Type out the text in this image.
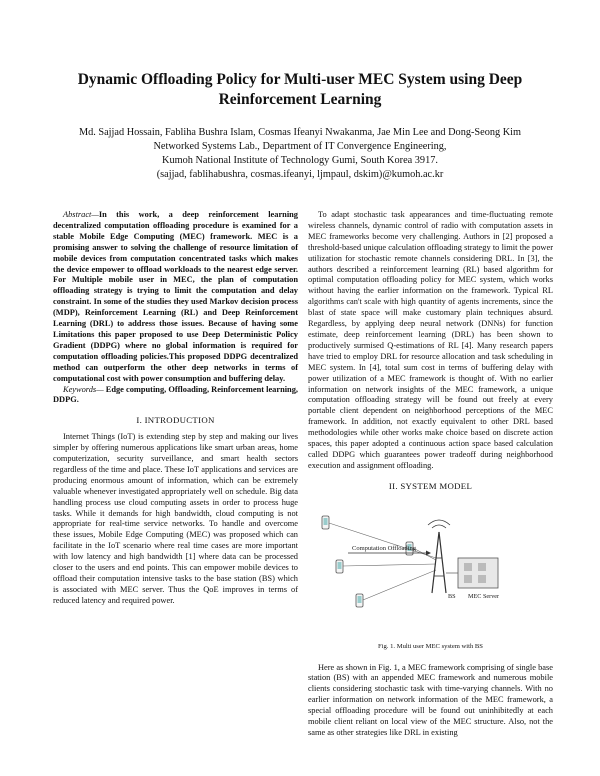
Dynamic Offloading Policy for Multi-user MEC System using Deep
Reinforcement Learning
Md. Sajjad Hossain, Fabliha Bushra Islam, Cosmas Ifeanyi Nwakanma, Jae Min Lee and Dong-Seong Kim
Networked Systems Lab., Department of IT Convergence Engineering,
Kumoh National Institute of Technology Gumi, South Korea 3917.
(sajjad, fablihabushra, cosmas.ifeanyi, ljmpaul, dskim)@kumoh.ac.kr

Abstract—In this work, a deep reinforcement learning decentralized computation offloading procedure is examined for a stable Mobile Edge Computing (MEC) framework. MEC is a promising answer to solving the challenge of resource limitation of mobile devices from computation concentrated tasks which makes the device empower to offload workloads to the nearest edge server. For Multiple mobile user in MEC, the plan of computation offloading strategy is trying to limit the computation and delay constraint. In some of the studies they used Markov decision process (MDP), Reinforcement Learning (RL) and Deep Reinforcement Learning (DRL) to address those issues. Because of having some Limitations this paper proposed to use Deep Deterministic Policy Gradient (DDPG) where no global information is required for computation offloading policies.This proposed DDPG decentralized method can outperform the other deep networks in terms of computational cost with power consumption and buffering delay.

Keywords— Edge computing, Offloading, Reinforcement learning, DDPG.

I. INTRODUCTION

Internet Things (IoT) is extending step by step and making our lives simpler by offering numerous applications like smart urban areas, home computerization, security surveillance, and smart health sectors regardless of the time and place. These IoT applications and services are producing enormous amount of information, which can be extremely valuable whenever investigated appropriately well on schedule. Big data handling process use cloud computing assets in order to process huge tasks. While it demands for high bandwidth, cloud computing is not appropriate for real-time service networks. To handle and overcome these issues, Mobile Edge Computing (MEC) was proposed which can facilitate in the IoT scenario where real time cases are more important with low latency and high bandwidth [1] where data can be processed closer to the users and end points. This can empower mobile devices to offload their computation intensive tasks to the base station (BS) which is associated with MEC server. Thus the QoE improves in terms of reduced latency and required power.

To adapt stochastic task appearances and time-fluctuating remote wireless channels, dynamic control of radio with computation assets in MEC frameworks become very challenging. Authors in [2] proposed a threshold-based unique calculation offloading strategy to limit the power utilization for stochastic remote channels considering DRL. In [3], the authors described a reinforcement learning (RL) based algorithm for optimal computation offloading policy for MEC system, which works without having the earlier information on the framework. Typical RL algorithms can't scale with high quantity of agents increments, since the blast of state space will make customary plain techniques absurd. Regardless, by applying deep neural network (DNNs) for function estimate, deep reinforcement learning (DRL) has been shown to productively surmised Q-estimations of RL [4]. Many research papers have tried to employ DRL for resource allocation and task scheduling in MEC system. In [4], total sum cost in terms of buffering delay with power utilization of a MEC framework is thought of. With no earlier information on network insights of the MEC framework, a unique computation offloading strategy will be found out freely at every portable client dependent on neighborhood perceptions of the MEC framework. In addition, not exactly equivalent to other DRL based methodologies while other works make choice based on discrete action spaces, this paper adopted a continuous action space based calculation called DDPG which guarantees power tradeoff during neighborhood execution and assignment offloading.

II. SYSTEM MODEL
Computation Offloading
BS MEC Server
Fig. 1. Multi user MEC system with BS

Here as shown in Fig. 1, a MEC framework comprising of single base station (BS) with an appended MEC framework and numerous mobile clients considering stochastic task with time-varying channels. With no earlier information on network information of the MEC framework, a special offloading procedure will be found out uninhibitedly at each mobile client reliant on local view of the MEC structure. Also, not the same as other strategies like DRL in existing
